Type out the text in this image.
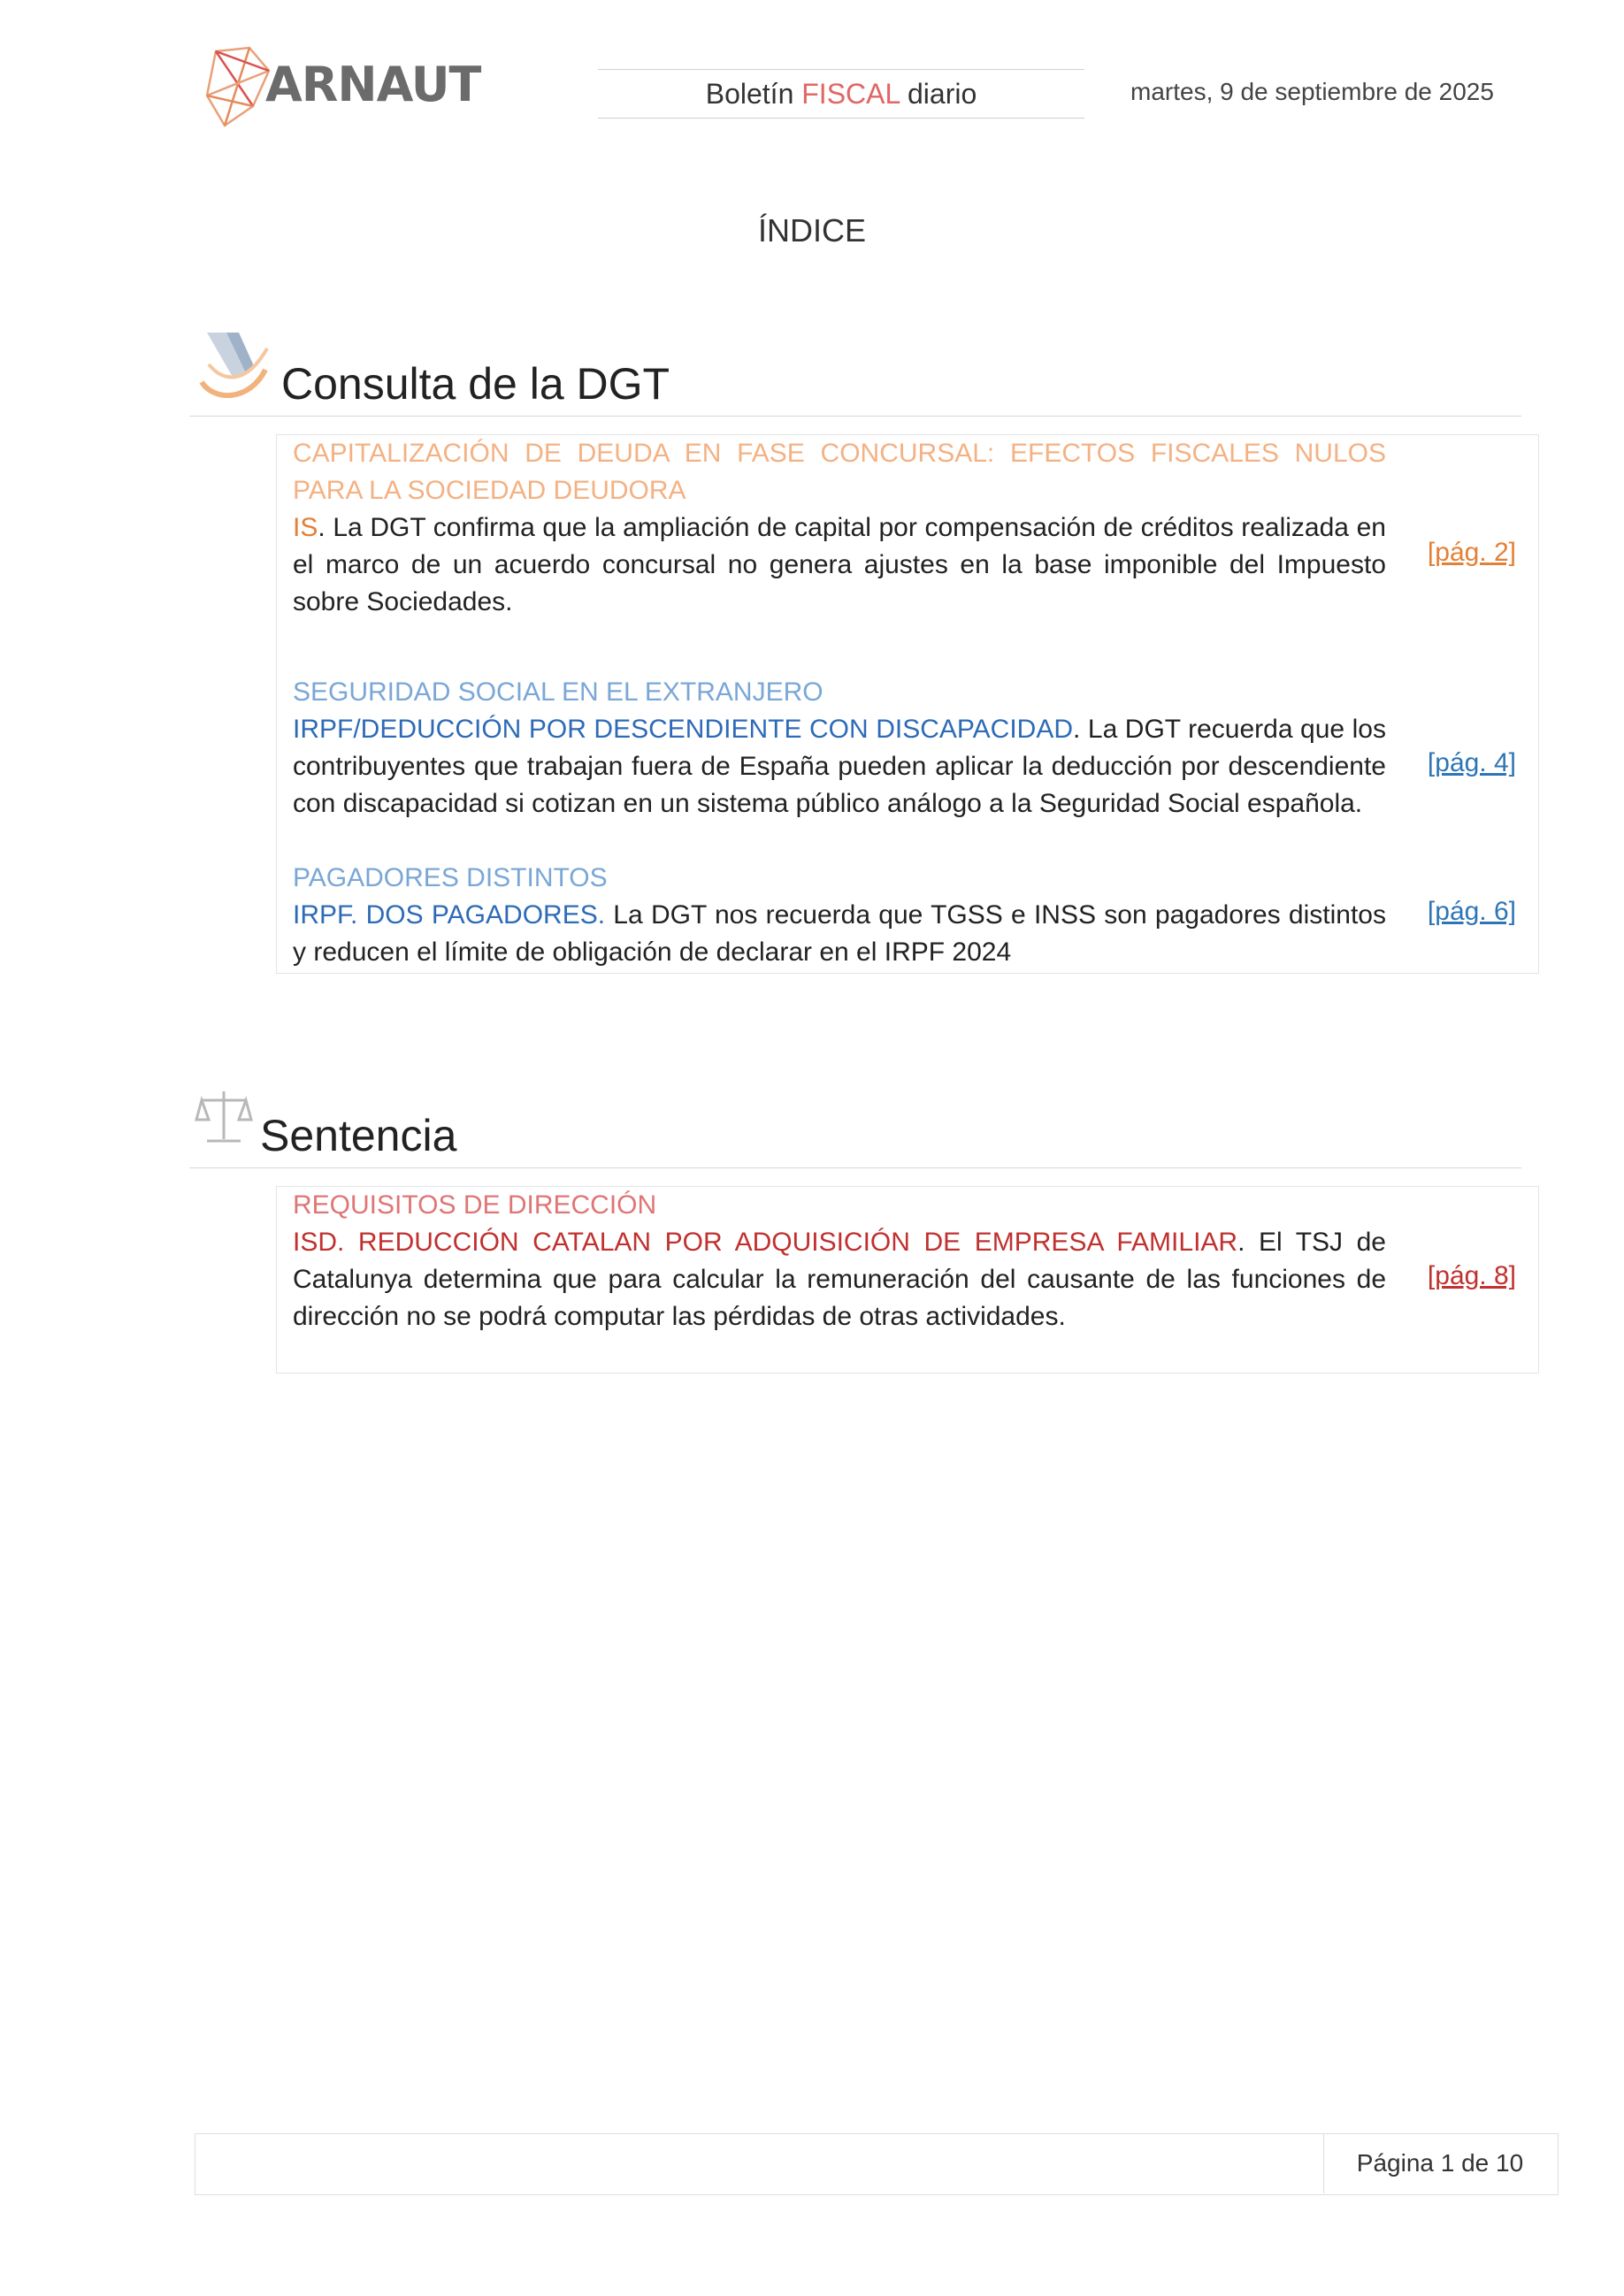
ARNAUT	Boletín FISCAL diario	martes, 9 de septiembre de 2025
ÍNDICE
Consulta de la DGT
CAPITALIZACIÓN DE DEUDA EN FASE CONCURSAL: EFECTOS FISCALES NULOS PARA LA SOCIEDAD DEUDORA
IS. La DGT confirma que la ampliación de capital por compensación de créditos realizada en el marco de un acuerdo concursal no genera ajustes en la base imponible del Impuesto sobre Sociedades.
[pág. 2]
SEGURIDAD SOCIAL EN EL EXTRANJERO
IRPF/DEDUCCIÓN POR DESCENDIENTE CON DISCAPACIDAD. La DGT recuerda que los contribuyentes que trabajan fuera de España pueden aplicar la deducción por descendiente con discapacidad si cotizan en un sistema público análogo a la Seguridad Social española.
[pág. 4]
PAGADORES DISTINTOS
IRPF. DOS PAGADORES. La DGT nos recuerda que TGSS e INSS son pagadores distintos y reducen el límite de obligación de declarar en el IRPF 2024
[pág. 6]
Sentencia
REQUISITOS DE DIRECCIÓN
ISD. REDUCCIÓN CATALAN POR ADQUISICIÓN DE EMPRESA FAMILIAR. El TSJ de Catalunya determina que para calcular la remuneración del causante de las funciones de dirección no se podrá computar las pérdidas de otras actividades.
[pág. 8]
Página 1 de 10
